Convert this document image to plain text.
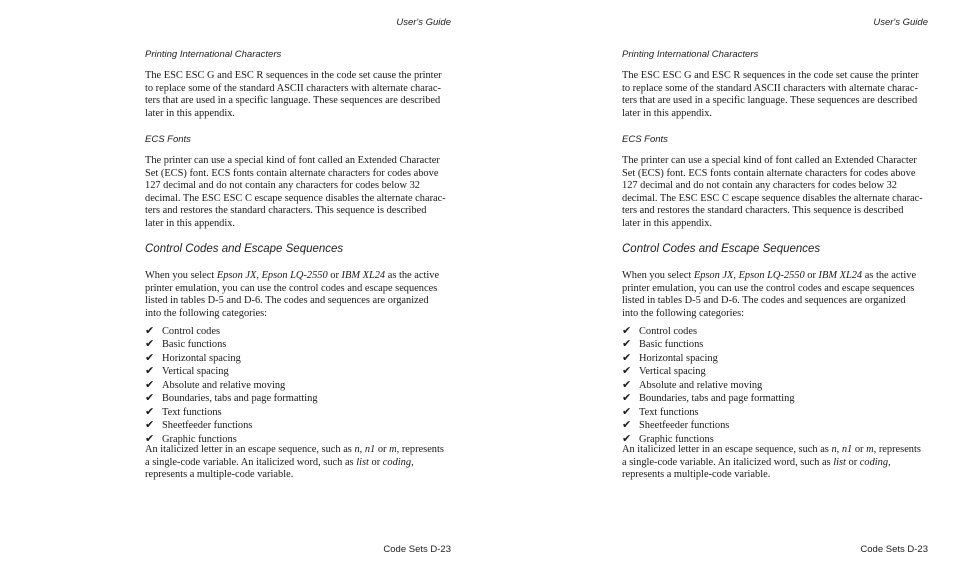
User's Guide
Printing International Characters
The ESC ESC G and ESC R sequences in the code set cause the printer
to replace some of the standard ASCII characters with alternate charac-
ters that are used in a specific language. These sequences are described
later in this appendix.
ECS Fonts
The printer can use a special kind of font called an Extended Character
Set (ECS) font. ECS fonts contain alternate characters for codes above
127 decimal and do not contain any characters for codes below 32
decimal. The ESC ESC C escape sequence disables the alternate charac-
ters and restores the standard characters. This sequence is described
later in this appendix.
Control Codes and Escape Sequences
When you select Epson JX, Epson LQ-2550 or IBM XL24 as the active
printer emulation, you can use the control codes and escape sequences
listed in tables D-5 and D-6. The codes and sequences are organized
into the following categories:
✔ Control codes
✔ Basic functions
✔ Horizontal spacing
✔ Vertical spacing
✔ Absolute and relative moving
✔ Boundaries, tabs and page formatting
✔ Text functions
✔ Sheetfeeder functions
✔ Graphic functions
An italicized letter in an escape sequence, such as n, n1 or m, represents
a single-code variable. An italicized word, such as list or coding,
represents a multiple-code variable.
Code Sets D-23
User's Guide
Printing International Characters
The ESC ESC G and ESC R sequences in the code set cause the printer
to replace some of the standard ASCII characters with alternate charac-
ters that are used in a specific language. These sequences are described
later in this appendix.
ECS Fonts
The printer can use a special kind of font called an Extended Character
Set (ECS) font. ECS fonts contain alternate characters for codes above
127 decimal and do not contain any characters for codes below 32
decimal. The ESC ESC C escape sequence disables the alternate charac-
ters and restores the standard characters. This sequence is described
later in this appendix.
Control Codes and Escape Sequences
When you select Epson JX, Epson LQ-2550 or IBM XL24 as the active
printer emulation, you can use the control codes and escape sequences
listed in tables D-5 and D-6. The codes and sequences are organized
into the following categories:
✔ Control codes
✔ Basic functions
✔ Horizontal spacing
✔ Vertical spacing
✔ Absolute and relative moving
✔ Boundaries, tabs and page formatting
✔ Text functions
✔ Sheetfeeder functions
✔ Graphic functions
An italicized letter in an escape sequence, such as n, n1 or m, represents
a single-code variable. An italicized word, such as list or coding,
represents a multiple-code variable.
Code Sets D-23
